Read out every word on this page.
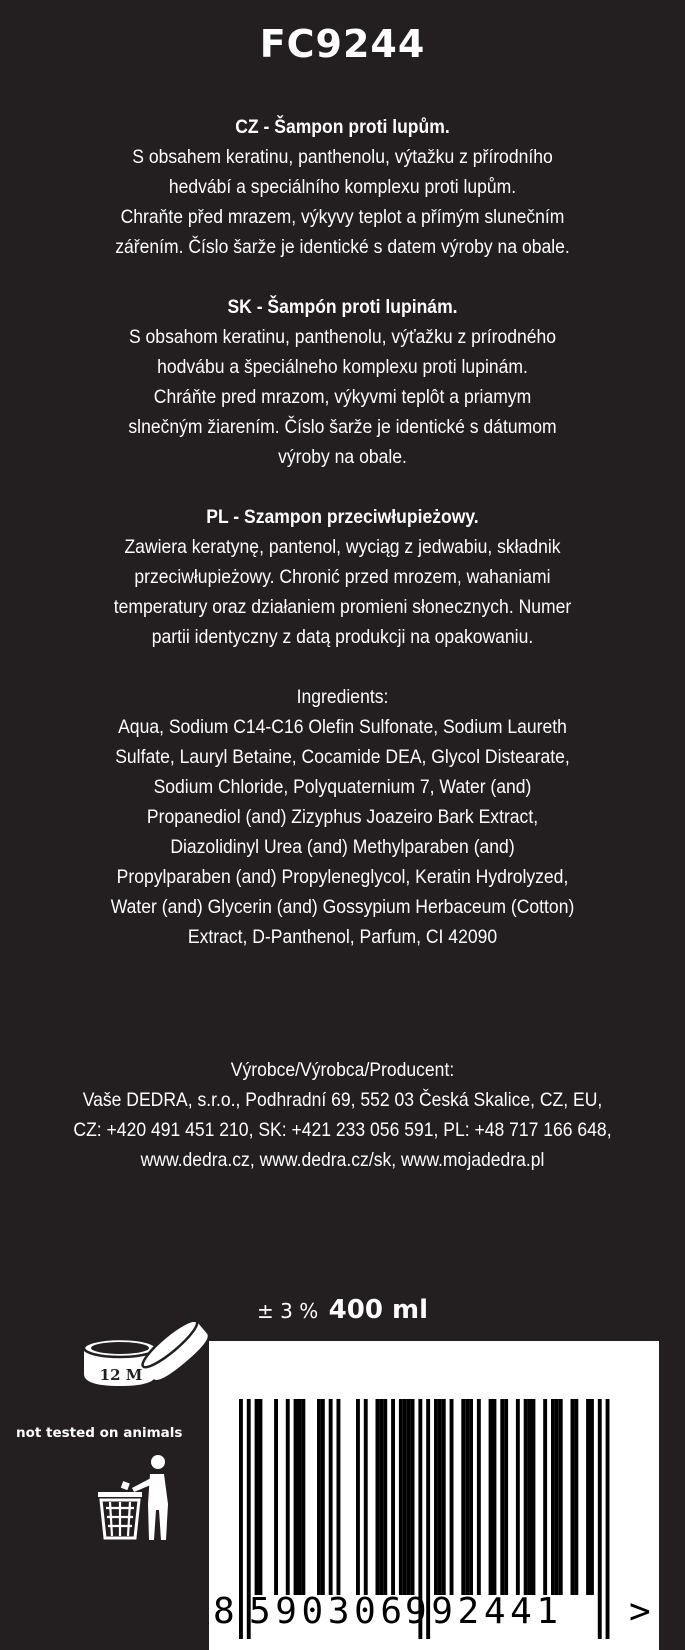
FC9244
CZ - Šampon proti lupům.
S obsahem keratinu, panthenolu, výtažku z přírodního
hedvábí a speciálního komplexu proti lupům.
Chraňte před mrazem, výkyvy teplot a přímým slunečním
zářením. Číslo šarže je identické s datem výroby na obale.
SK - Šampón proti lupinám.
S obsahom keratinu, panthenolu, výťažku z prírodného
hodvábu a špeciálneho komplexu proti lupinám.
Chráňte pred mrazom, výkyvmi teplôt a priamym
slnečným žiarením. Číslo šarže je identické s dátumom
výroby na obale.
PL - Szampon przeciwłupieżowy.
Zawiera keratynę, pantenol, wyciąg z jedwabiu, składnik
przeciwłupieżowy. Chronić przed mrozem, wahaniami
temperatury oraz działaniem promieni słonecznych. Numer
partii identyczny z datą produkcji na opakowaniu.
Ingredients:
Aqua, Sodium C14-C16 Olefin Sulfonate, Sodium Laureth
Sulfate, Lauryl Betaine, Cocamide DEA, Glycol Distearate,
Sodium Chloride, Polyquaternium 7, Water (and)
Propanediol (and) Zizyphus Joazeiro Bark Extract,
Diazolidinyl Urea (and) Methylparaben (and)
Propylparaben (and) Propyleneglycol, Keratin Hydrolyzed,
Water (and) Glycerin (and) Gossypium Herbaceum (Cotton)
Extract, D-Panthenol, Parfum, CI 42090
Výrobce/Výrobca/Producent:
Vaše DEDRA, s.r.o., Podhradní 69, 552 03 Česká Skalice, CZ, EU,
CZ: +420 491 451 210, SK: +421 233 056 591, PL: +48 717 166 648,
www.dedra.cz, www.dedra.cz/sk, www.mojadedra.pl
± 3 % 400 ml
12 M
not tested on animals
8 590306
992441 >
